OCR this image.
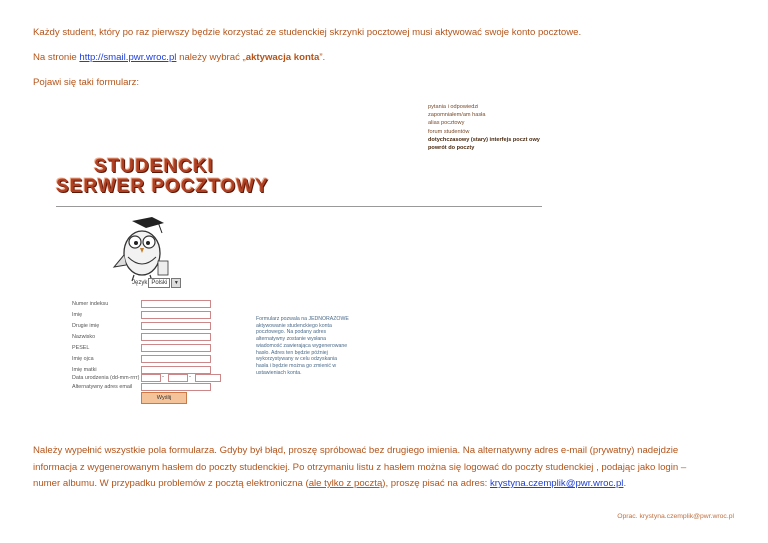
Każdy student, który po raz pierwszy będzie korzystać ze studenckiej skrzynki pocztowej musi aktywować swoje konto pocztowe.
Na stronie http://smail.pwr.wroc.pl należy wybrać „aktywacja konta”.
Pojawi się taki formularz:
pytania i odpowiedzi
zapomniałem/am hasła
alias pocztowy
forum studentów
dotychczasowy (stary) interfejs poczt owy
powrót do poczty
STUDENCKI
SERWER POCZTOWY
Język Polski	▼
Numer indeksu
Imię
Drugie imię
Nazwisko
PESEL
Imię ojca
Imię matki
Data urodzenia (dd-mm-rrrr)	-	-
Alternatywny adres email
Wyślij
Formularz pozwala na JEDNORAZOWE aktywowanie studenckiego konta pocztowego. Na podany adres alternatywny zostanie wysłana wiadomość zawierająca wygenerowane hasło. Adres ten będzie później wykorzystywany w celu odzyskania hasła i będzie można go zmienić w ustawieniach konta.
Należy wypełnić wszystkie pola formularza. Gdyby był błąd, proszę spróbować bez drugiego imienia. Na alternatywny adres e-mail (prywatny) nadejdzie
informacja z wygenerowanym hasłem do poczty studenckiej. Po otrzymaniu listu z hasłem można się logować do poczty studenckiej , podając jako login –
numer albumu. W przypadku problemów z pocztą elektroniczna (ale tylko z pocztą), proszę pisać na adres: krystyna.czemplik@pwr.wroc.pl.
Oprac. krystyna.czemplik@pwr.wroc.pl
